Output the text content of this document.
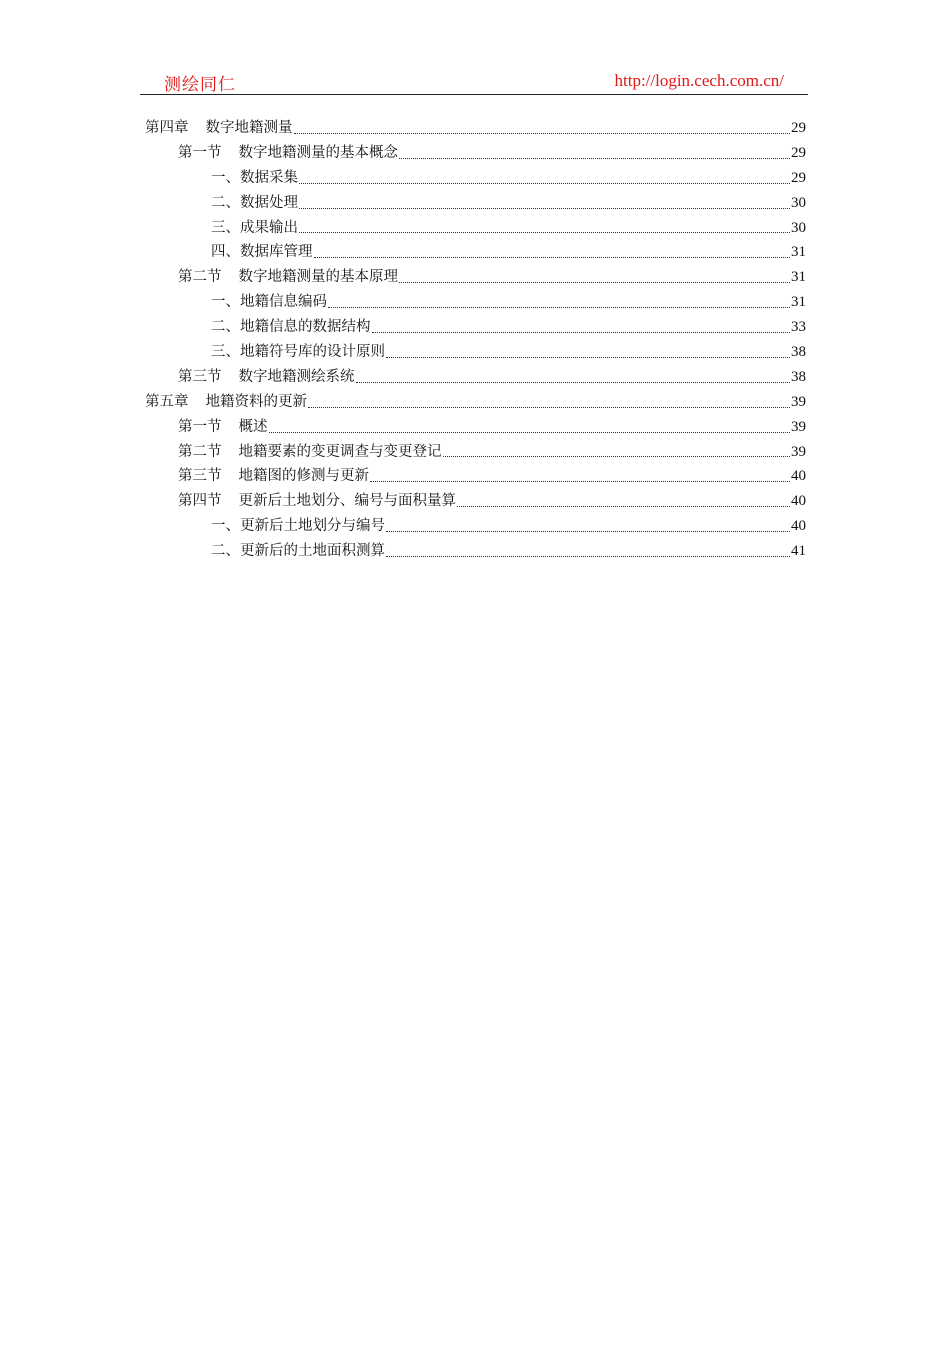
测绘同仁	http://login.cech.com.cn/
第四章 数字地籍测量	29
第一节 数字地籍测量的基本概念	29
一、数据采集	29
二、数据处理	30
三、成果输出	30
四、数据库管理	31
第二节 数字地籍测量的基本原理	31
一、地籍信息编码	31
二、地籍信息的数据结构	33
三、地籍符号库的设计原则	38
第三节 数字地籍测绘系统	38
第五章 地籍资料的更新	39
第一节 概述	39
第二节 地籍要素的变更调查与变更登记	39
第三节 地籍图的修测与更新	40
第四节 更新后土地划分、编号与面积量算	40
一、更新后土地划分与编号	40
二、更新后的土地面积测算	41
